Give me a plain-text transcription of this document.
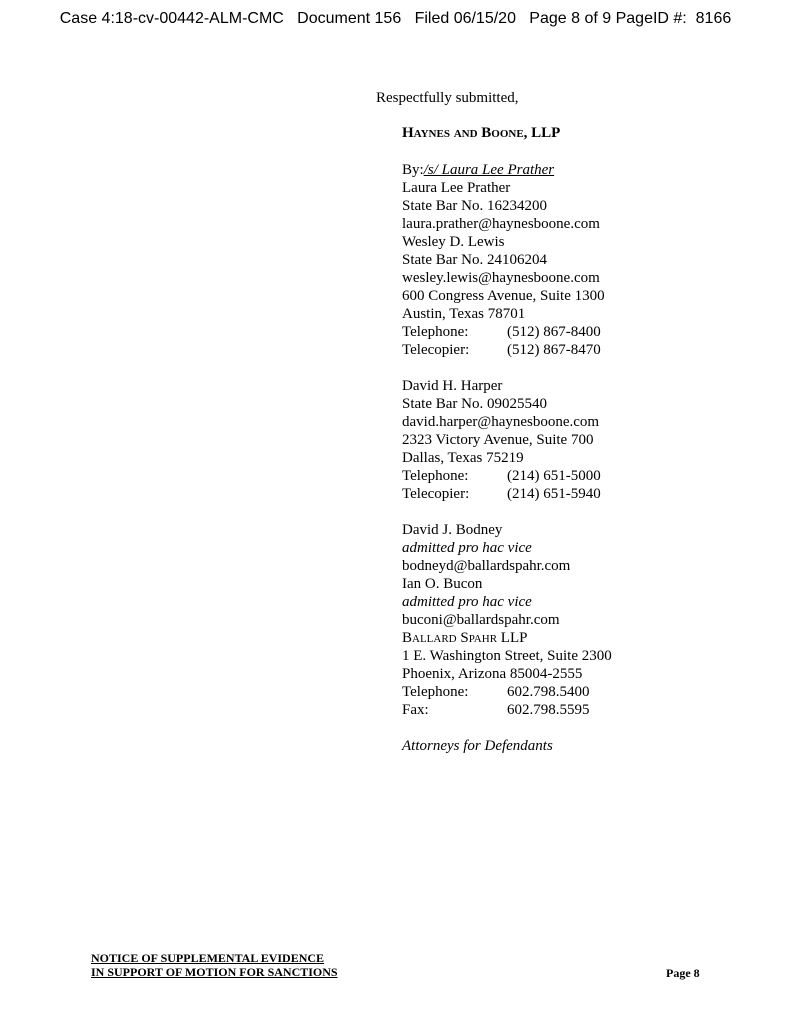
Case 4:18-cv-00442-ALM-CMC   Document 156   Filed 06/15/20   Page 8 of 9 PageID #:  8166
Respectfully submitted,
Haynes and Boone, LLP
By:/s/ Laura Lee Prather
Laura Lee Prather
State Bar No. 16234200
laura.prather@haynesboone.com
Wesley D. Lewis
State Bar No. 24106204
wesley.lewis@haynesboone.com
600 Congress Avenue, Suite 1300
Austin, Texas 78701
Telephone:	(512) 867-8400
Telecopier:	(512) 867-8470
David H. Harper
State Bar No. 09025540
david.harper@haynesboone.com
2323 Victory Avenue, Suite 700
Dallas, Texas 75219
Telephone:	(214) 651-5000
Telecopier:	(214) 651-5940
David J. Bodney
admitted pro hac vice
bodneyd@ballardspahr.com
Ian O. Bucon
admitted pro hac vice
buconi@ballardspahr.com
Ballard Spahr LLP
1 E. Washington Street, Suite 2300
Phoenix, Arizona 85004-2555
Telephone:	602.798.5400
Fax:	602.798.5595
Attorneys for Defendants
NOTICE OF SUPPLEMENTAL EVIDENCE
IN SUPPORT OF MOTION FOR SANCTIONS	Page 8
